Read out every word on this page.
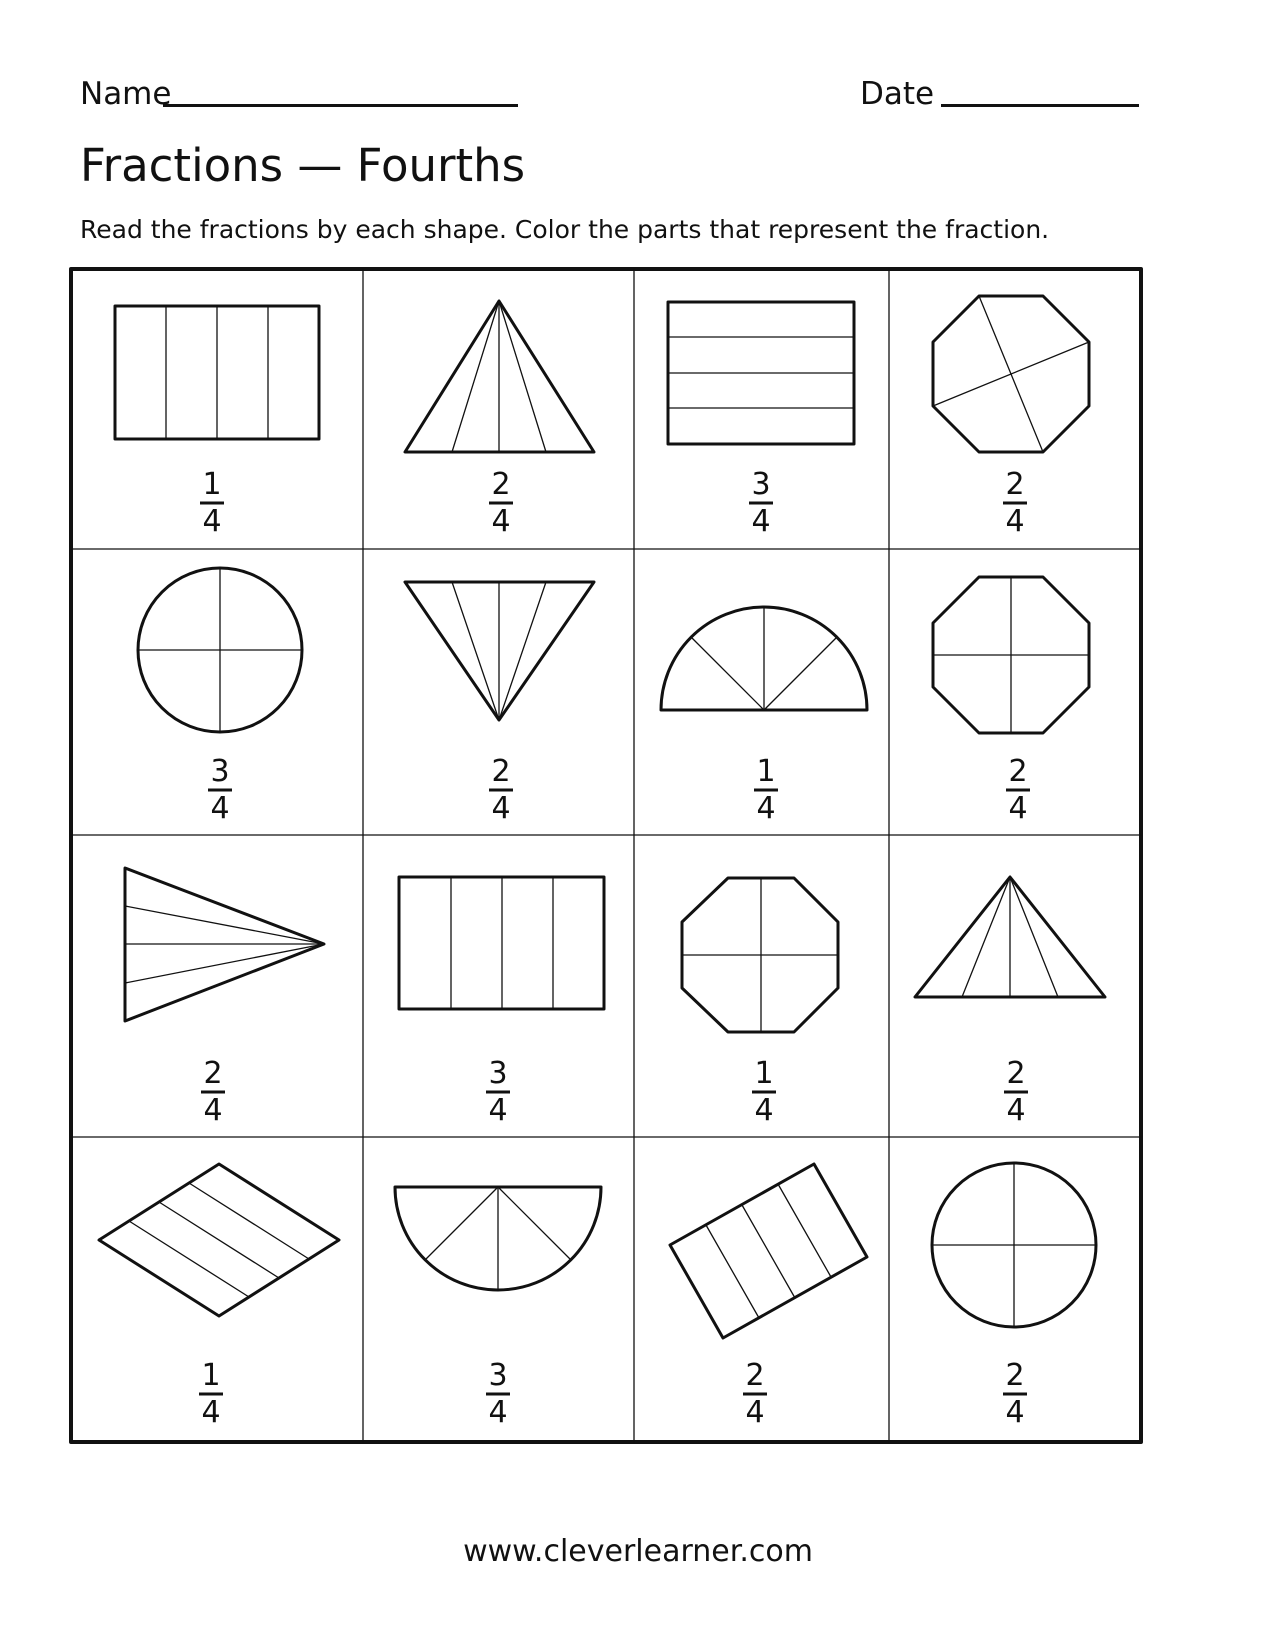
Name	Date
Fractions — Fourths
Read the fractions by each shape. Color the parts that represent the fraction.
1
4
2
4
3
4
2
4
3
4
2
4
1
4
2
4
2
4
3
4
1
4
2
4
1
4
3
4
2
4
2
4
www.cleverlearner.com
